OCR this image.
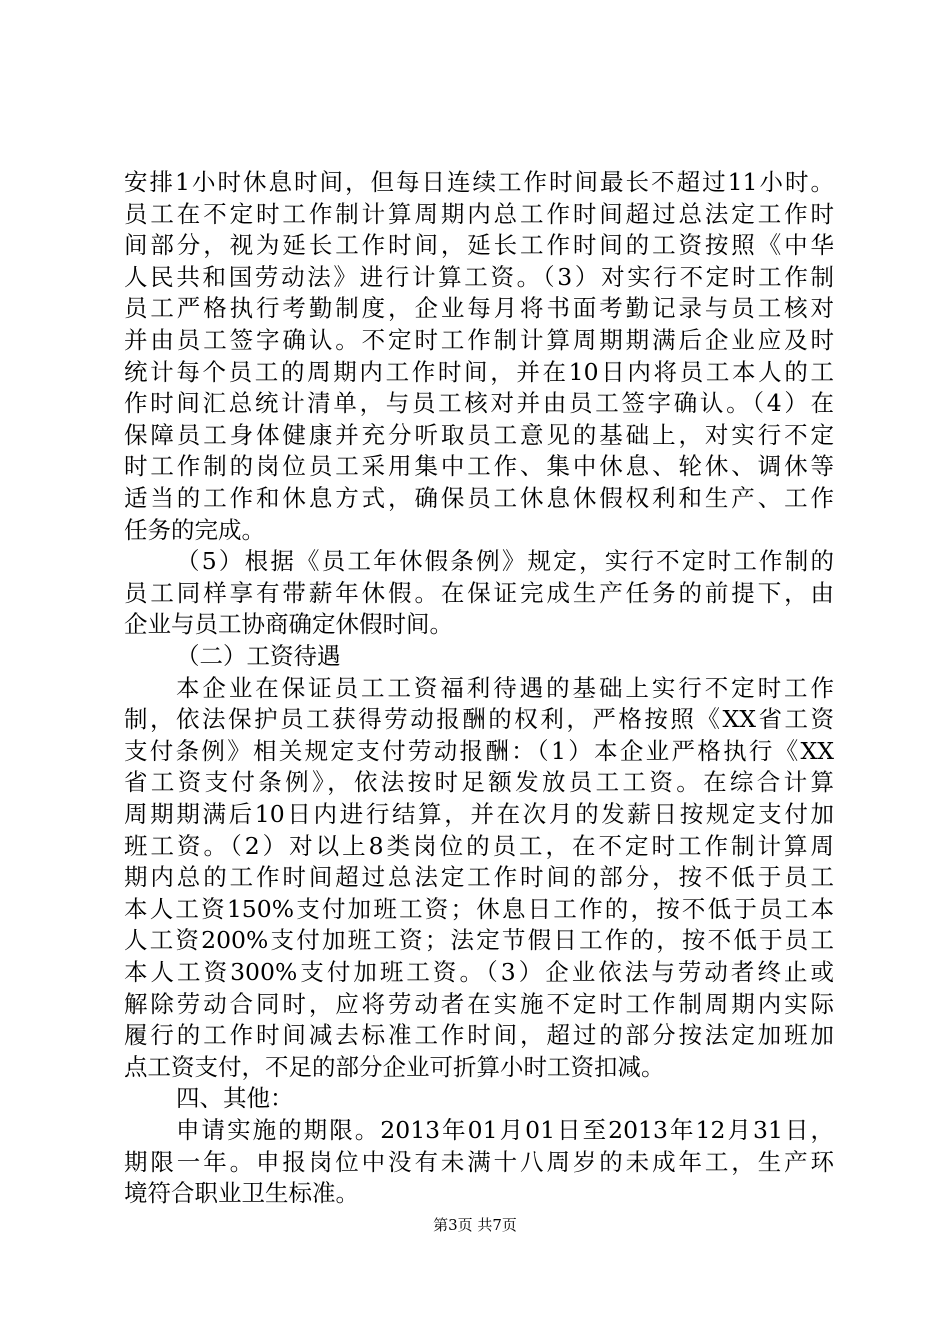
安排1小时休息时间，但每日连续工作时间最长不超过11小时。
员工在不定时工作制计算周期内总工作时间超过总法定工作时
间部分，视为延长工作时间，延长工作时间的工资按照《中华
人民共和国劳动法》进行计算工资。（3）对实行不定时工作制
员工严格执行考勤制度，企业每月将书面考勤记录与员工核对
并由员工签字确认。不定时工作制计算周期期满后企业应及时
统计每个员工的周期内工作时间，并在10日内将员工本人的工
作时间汇总统计清单，与员工核对并由员工签字确认。（4）在
保障员工身体健康并充分听取员工意见的基础上，对实行不定
时工作制的岗位员工采用集中工作、集中休息、轮休、调休等
适当的工作和休息方式，确保员工休息休假权利和生产、工作
任务的完成。
（5）根据《员工年休假条例》规定，实行不定时工作制的
员工同样享有带薪年休假。在保证完成生产任务的前提下，由
企业与员工协商确定休假时间。
（二）工资待遇
本企业在保证员工工资福利待遇的基础上实行不定时工作
制，依法保护员工获得劳动报酬的权利，严格按照《XX省工资
支付条例》相关规定支付劳动报酬：（1）本企业严格执行《XX
省工资支付条例》，依法按时足额发放员工工资。在综合计算
周期期满后10日内进行结算，并在次月的发薪日按规定支付加
班工资。（2）对以上8类岗位的员工，在不定时工作制计算周
期内总的工作时间超过总法定工作时间的部分，按不低于员工
本人工资150%支付加班工资；休息日工作的，按不低于员工本
人工资200%支付加班工资；法定节假日工作的，按不低于员工
本人工资300%支付加班工资。（3）企业依法与劳动者终止或
解除劳动合同时，应将劳动者在实施不定时工作制周期内实际
履行的工作时间减去标准工作时间，超过的部分按法定加班加
点工资支付，不足的部分企业可折算小时工资扣减。
四、其他：
申请实施的期限。2013年01月01日至2013年12月31日，
期限一年。申报岗位中没有未满十八周岁的未成年工，生产环
境符合职业卫生标准。
第3页 共7页
